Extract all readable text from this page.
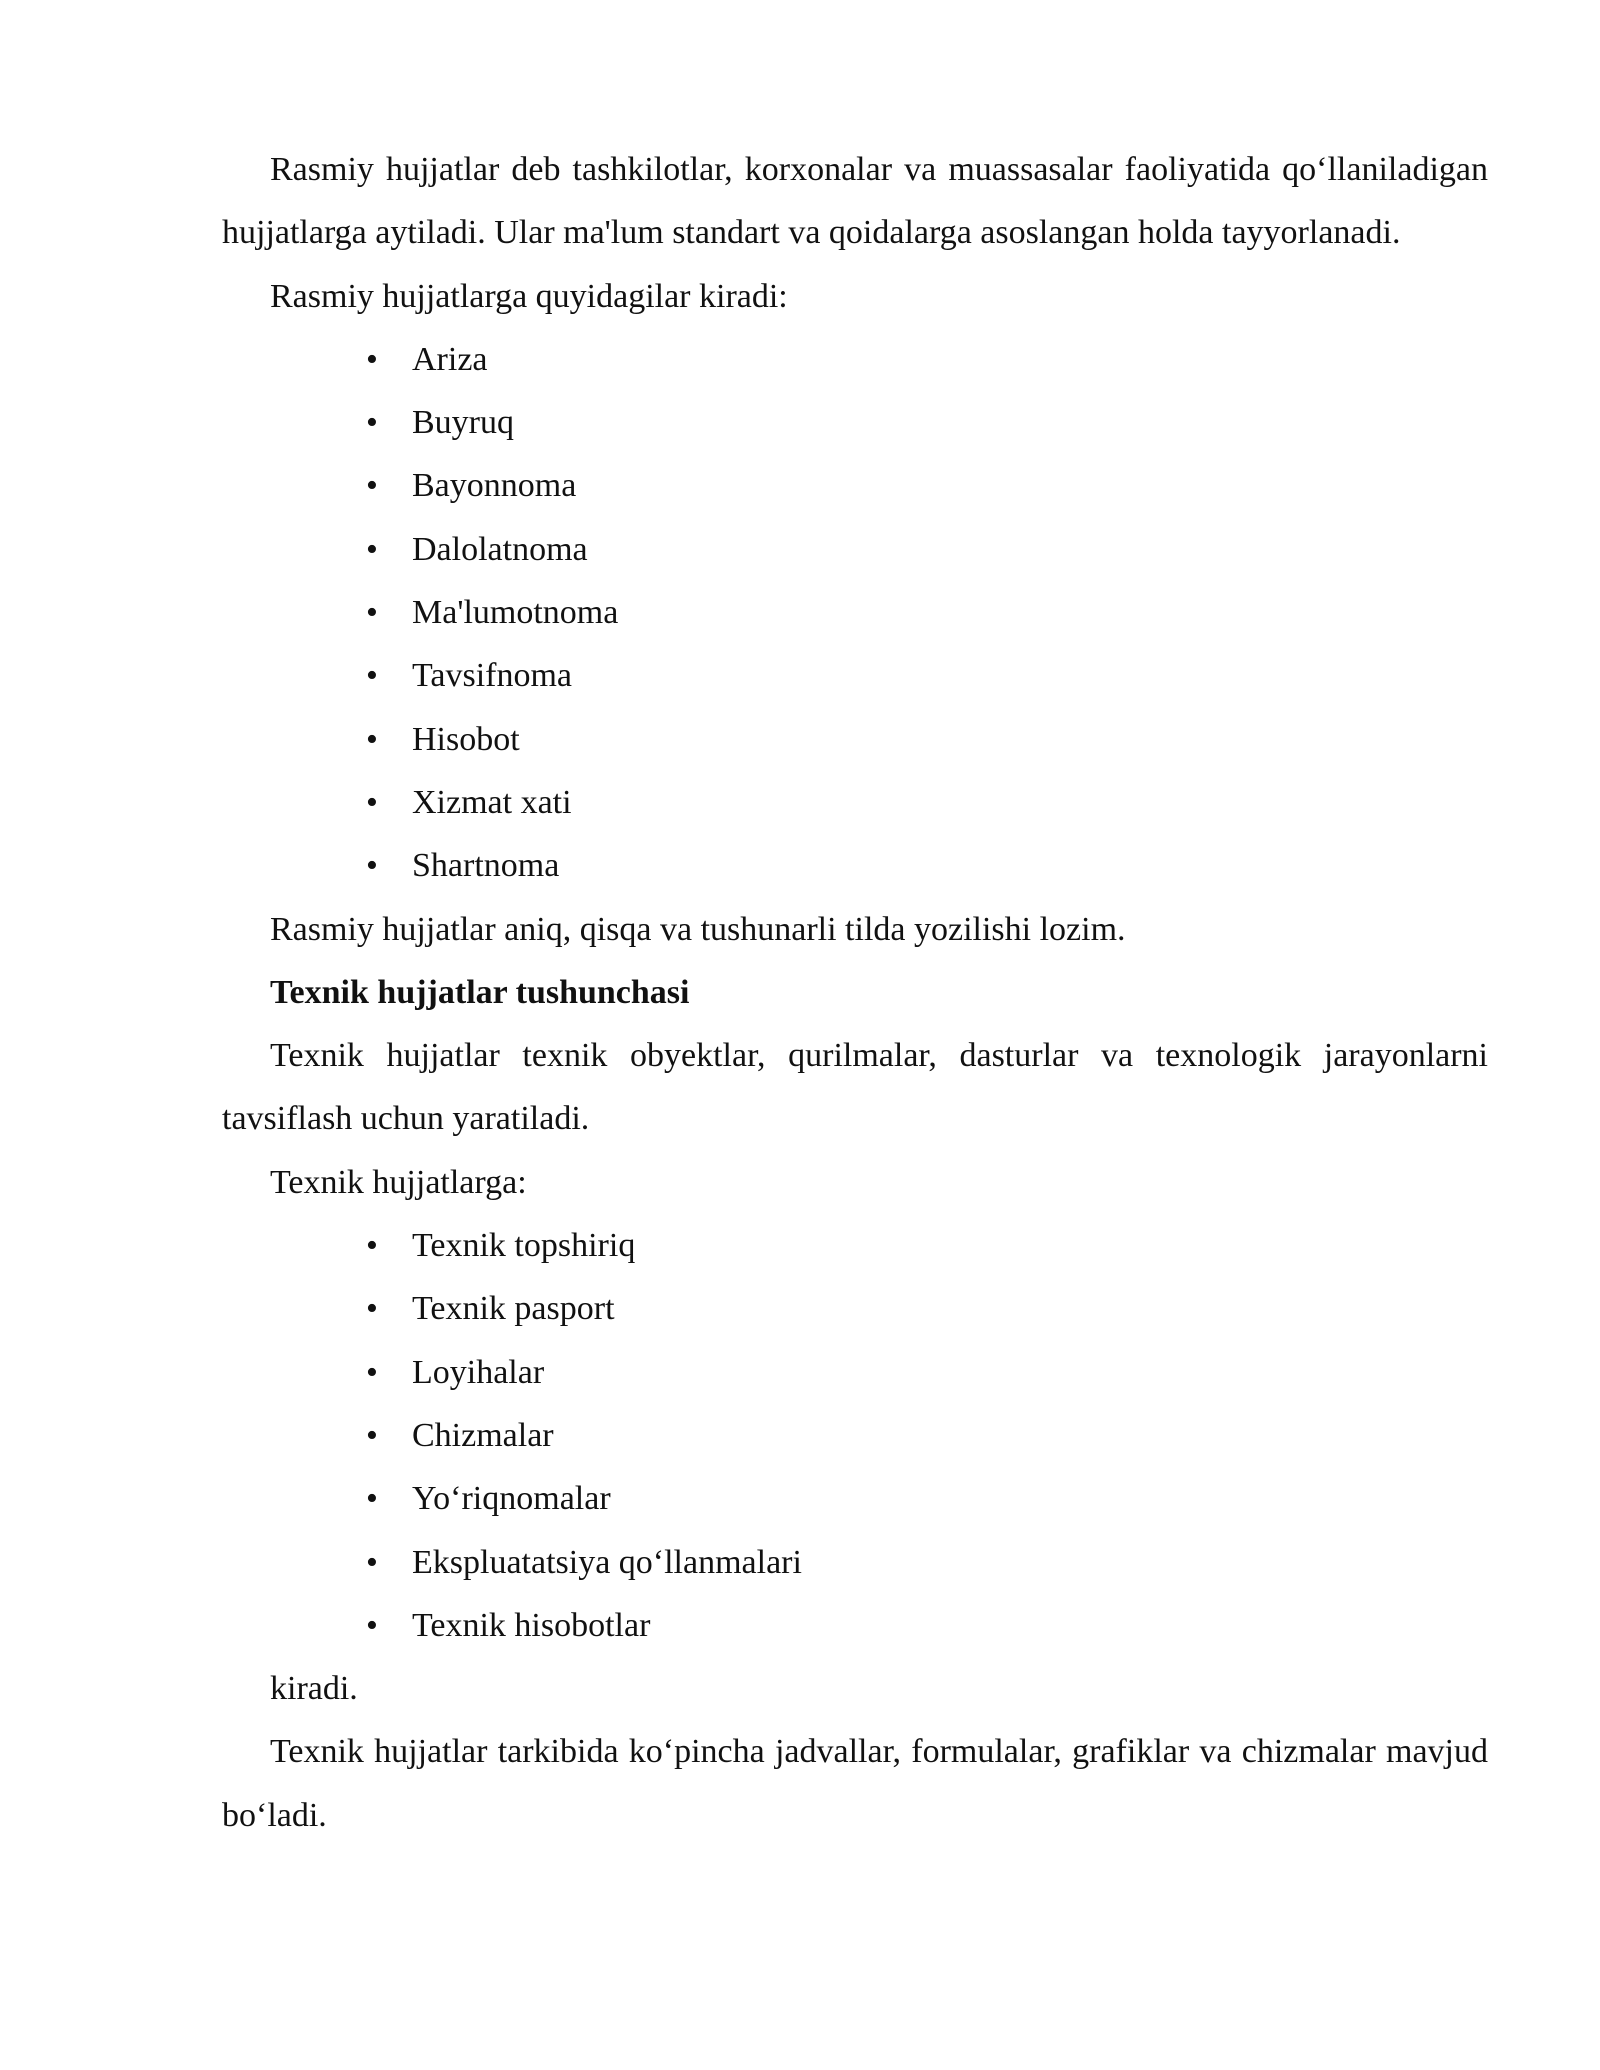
Rasmiy hujjatlar deb tashkilotlar, korxonalar va muassasalar faoliyatida qo‘llaniladigan hujjatlarga aytiladi. Ular ma'lum standart va qoidalarga asoslangan holda tayyorlanadi.

Rasmiy hujjatlarga quyidagilar kiradi:

• Ariza
• Buyruq
• Bayonnoma
• Dalolatnoma
• Ma'lumotnoma
• Tavsifnoma
• Hisobot
• Xizmat xati
• Shartnoma

Rasmiy hujjatlar aniq, qisqa va tushunarli tilda yozilishi lozim.

Texnik hujjatlar tushunchasi

Texnik hujjatlar texnik obyektlar, qurilmalar, dasturlar va texnologik jarayonlarni tavsiflash uchun yaratiladi.

Texnik hujjatlarga:

• Texnik topshiriq
• Texnik pasport
• Loyihalar
• Chizmalar
• Yo‘riqnomalar
• Ekspluatatsiya qo‘llanmalari
• Texnik hisobotlar

kiradi.

Texnik hujjatlar tarkibida ko‘pincha jadvallar, formulalar, grafiklar va chizmalar mavjud bo‘ladi.
